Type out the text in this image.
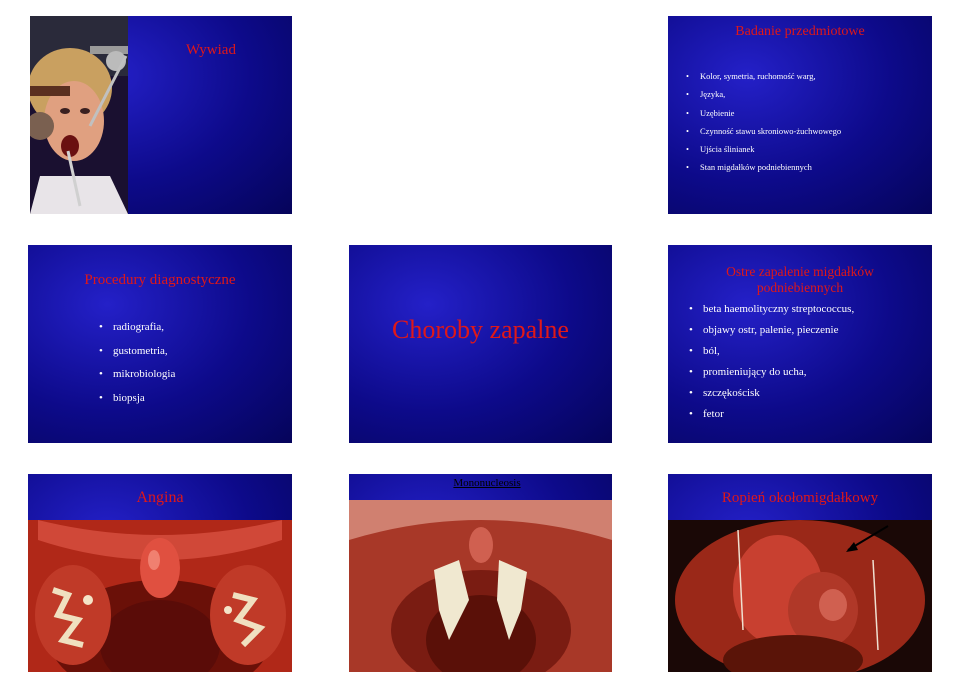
Wywiad
• Ból podczas żucia, jedzenia, połykania,
• Dysphagia,
• Pieczenie języka,
• Ślina podbarwiona krwią,
• Cuchnienie (fetor ex ore),
• Zaburzenia wydzielania śliny,
• Zaburzenia smaku,
• Obrzęk
Badanie przedmiotowe
• Kolor, symetria, ruchomość warg,
• Języka,
• Uzębienie
• Czynność stawu skroniowo-żuchwowego
• Ujścia ślinianek
• Stan migdałków podniebiennych
Procedury diagnostyczne
• radiografia,
• gustometria,
• mikrobiologia
• biopsja
Choroby zapalne
Ostre zapalenie migdałków
podniebiennych
• beta haemolityczny streptococcus,
• objawy ostr, palenie, pieczenie
• ból,
• promieniujący do ucha,
• szczękościsk
• fetor
Angina
Mononucleosis
Ropień okołomigdałkowy
